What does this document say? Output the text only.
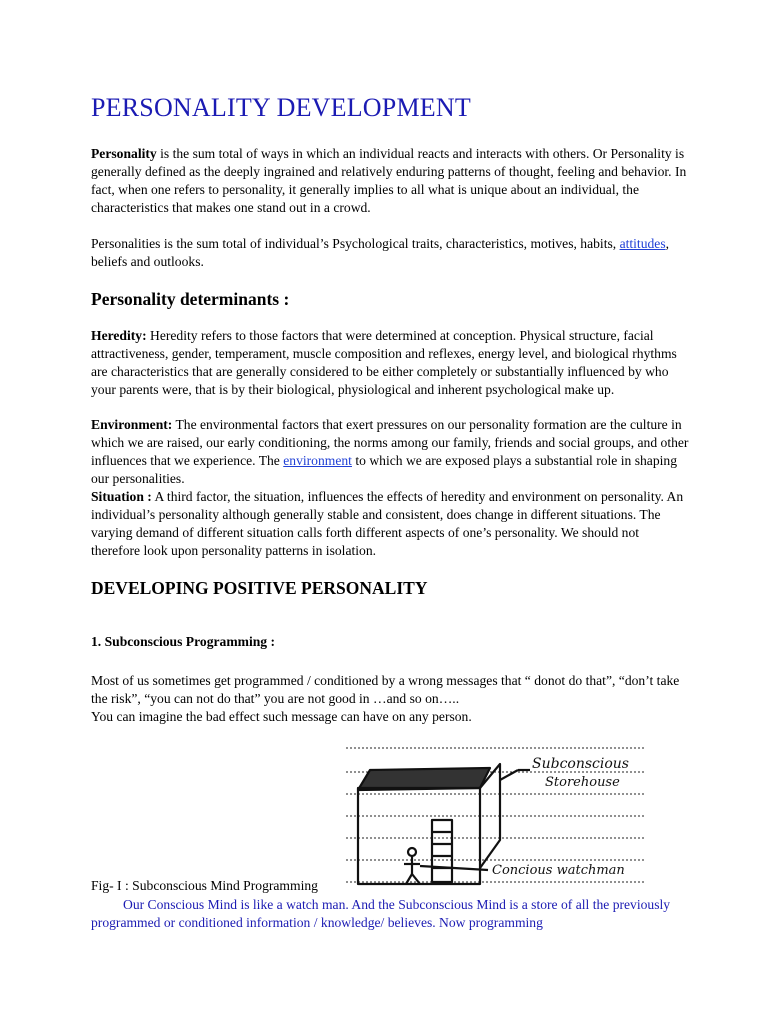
PERSONALITY DEVELOPMENT

Personality is the sum total of ways in which an individual reacts and interacts with others. Or Personality is generally defined as the deeply ingrained and relatively enduring patterns of thought, feeling and behavior. In fact, when one refers to personality, it generally implies to all what is unique about an individual, the characteristics that makes one stand out in a crowd.

Personalities is the sum total of individual’s Psychological traits, characteristics, motives, habits, attitudes, beliefs and outlooks.

Personality determinants :

Heredity: Heredity refers to those factors that were determined at conception. Physical structure, facial attractiveness, gender, temperament, muscle composition and reflexes, energy level, and biological rhythms are characteristics that are generally considered to be either completely or substantially influenced by who your parents were, that is by their biological, physiological and inherent psychological make up.

Environment: The environmental factors that exert pressures on our personality formation are the culture in which we are raised, our early conditioning, the norms among our family, friends and social groups, and other influences that we experience. The environment to which we are exposed plays a substantial role in shaping our personalities.

Situation : A third factor, the situation, influences the effects of heredity and environment on personality. An individual’s personality although generally stable and consistent, does change in different situations. The varying demand of different situation calls forth different aspects of one’s personality. We should not therefore look upon personality patterns in isolation.

DEVELOPING POSITIVE PERSONALITY
1. Subconscious Programming :

Most of us sometimes get programmed / conditioned by a wrong messages that “ donot do that”, “don’t take the risk”, “you can not do that” you are not good in …and so on…..
You can imagine the bad effect such message can have on any person.

Subconscious
Storehouse
Concious watchman
Fig- I : Subconscious Mind Programming

Our Conscious Mind is like a watch man. And the Subconscious Mind is a store of all the previously programmed or conditioned information / knowledge/ believes. Now programming
